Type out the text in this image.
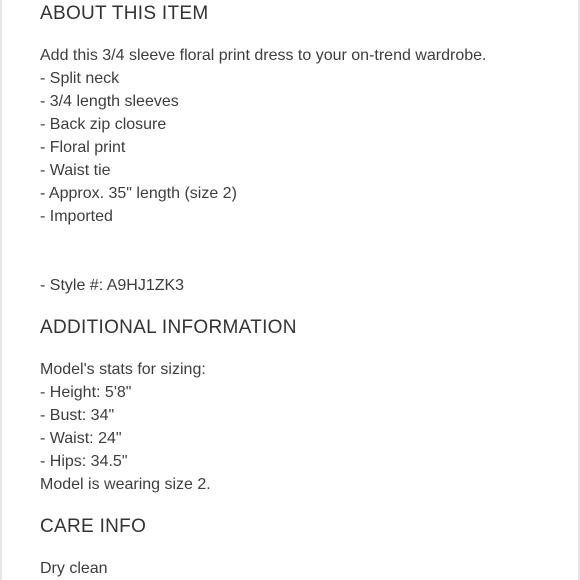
ABOUT THIS ITEM

Add this 3/4 sleeve floral print dress to your on-trend wardrobe.

- Split neck

- 3/4 length sleeves

- Back zip closure

- Floral print

- Waist tie

- Approx. 35" length (size 2)

- Imported

- Style #: A9HJ1ZK3

ADDITIONAL INFORMATION

Model's stats for sizing:

- Height: 5'8"

- Bust: 34"

- Waist: 24"

- Hips: 34.5"

Model is wearing size 2.

CARE INFO

Dry clean
